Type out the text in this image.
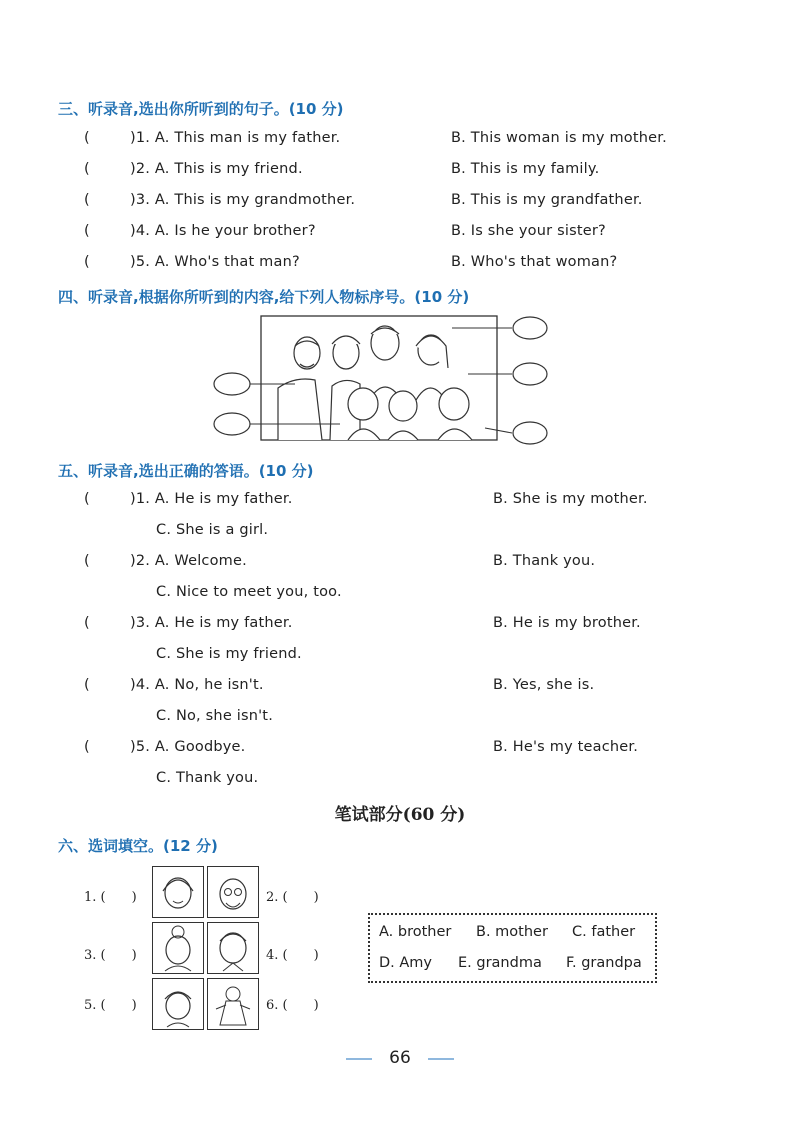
三、听录音,选出你所听到的句子。(10 分)
(	)1. A. This man is my father.	B. This woman is my mother.
(	)2. A. This is my friend.	B. This is my family.
(	)3. A. This is my grandmother.	B. This is my grandfather.
(	)4. A. Is he your brother?	B. Is she your sister?
(	)5. A. Who's that man?	B. Who's that woman?
四、听录音,根据你所听到的内容,给下列人物标序号。(10 分)
五、听录音,选出正确的答语。(10 分)
(	)1. A. He is my father.	B. She is my mother.
C. She is a girl.
(	)2. A. Welcome.	B. Thank you.
C. Nice to meet you, too.
(	)3. A. He is my father.	B. He is my brother.
C. She is my friend.
(	)4. A. No, he isn't.	B. Yes, she is.
C. No, she isn't.
(	)5. A. Goodbye.	B. He's my teacher.
C. Thank you.
笔试部分(60 分)
六、选词填空。(12 分)
1. (　　)	2. (　　)
3. (　　)	4. (　　)
5. (　　)	6. (　　)
A. brother B. mother C. father
D. Amy E. grandma F. grandpa
66
